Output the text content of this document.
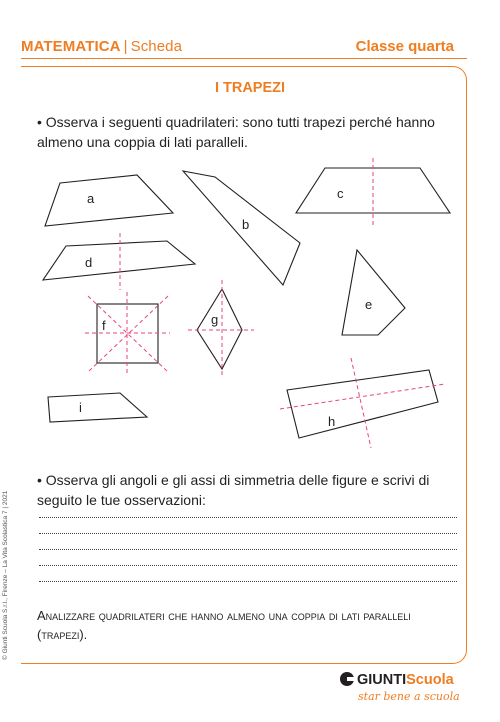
MATEMATICA | Scheda	Classe quarta
I TRAPEZI
• Osserva i seguenti quadrilateri: sono tutti trapezi perché hanno almeno una coppia di lati paralleli.
a
b
c
d
e
f	g
h
i
• Osserva gli angoli e gli assi di simmetria delle figure e scrivi di seguito le tue osservazioni:
Analizzare quadrilateri che hanno almeno una coppia di lati paralleli (trapezi).
© Giunti Scuola S.r.l., Firenze – La Vita Scolastica 7 | 2021
GIUNTIScuola
star bene a scuola
